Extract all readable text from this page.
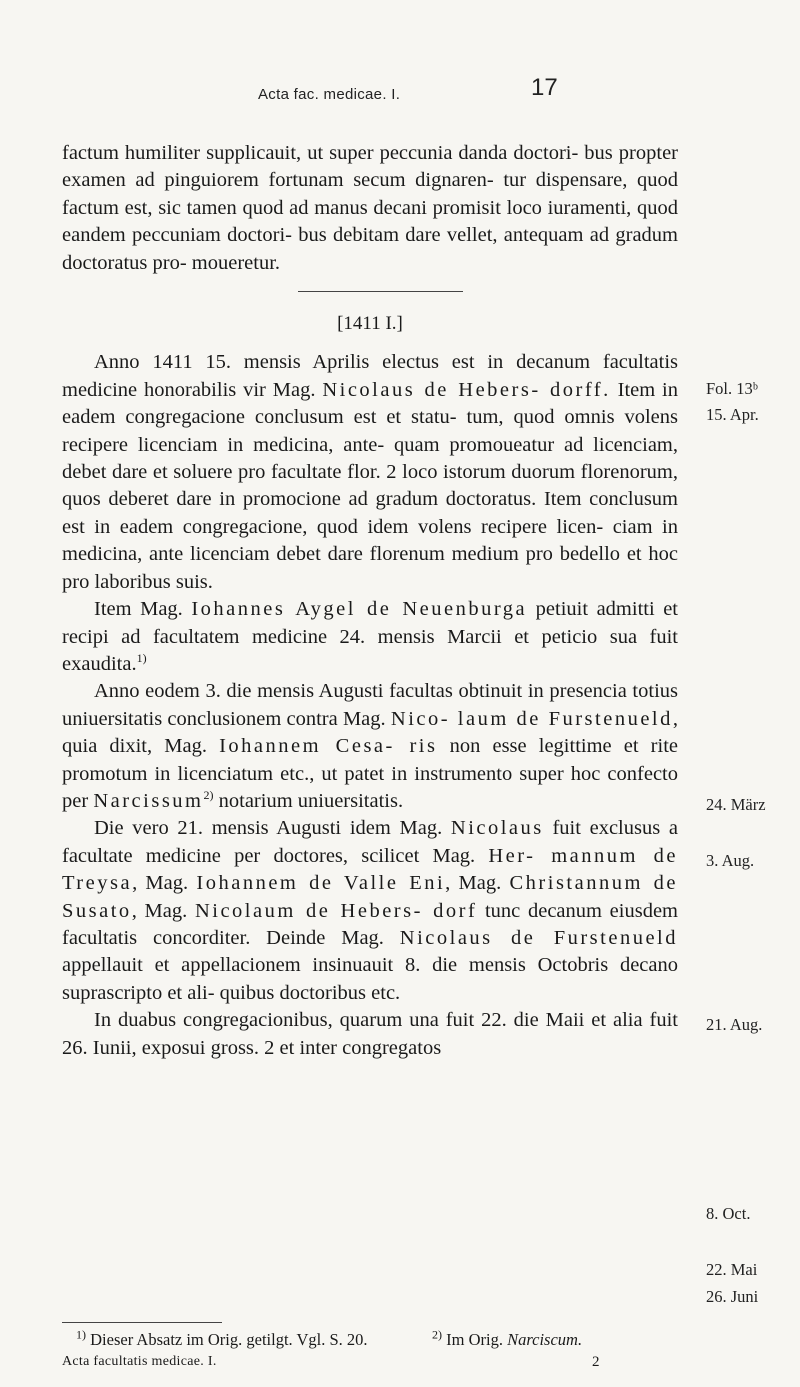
Acta fac. medicae. I.	17

factum humiliter supplicauit, ut super peccunia danda doctori- bus propter examen ad pinguiorem fortunam secum dignaren- tur dispensare, quod factum est, sic tamen quod ad manus decani promisit loco iuramenti, quod eandem peccuniam doctori- bus debitam dare vellet, antequam ad gradum doctoratus pro- moueretur.

[1411 I.]

Anno 1411 15. mensis Aprilis electus est in decanum facultatis medicine honorabilis vir Mag. Nicolaus de Hebers- dorff. Item in eadem congregacione conclusum est et statu- tum, quod omnis volens recipere licenciam in medicina, ante- quam promoueatur ad licenciam, debet dare et soluere pro facultate flor. 2 loco istorum duorum florenorum, quos deberet dare in promocione ad gradum doctoratus. Item conclusum est in eadem congregacione, quod idem volens recipere licen- ciam in medicina, ante licenciam debet dare florenum medium pro bedello et hoc pro laboribus suis.

Item Mag. Iohannes Aygel de Neuenburga petiuit admitti et recipi ad facultatem medicine 24. mensis Marcii et peticio sua fuit exaudita.$^{1)}$

Anno eodem 3. die mensis Augusti facultas obtinuit in presencia totius uniuersitatis conclusionem contra Mag. Nico- laum de Furstenueld, quia dixit, Mag. Iohannem Cesa- ris non esse legittime et rite promotum in licenciatum etc., ut patet in instrumento super hoc confecto per Narcissum$^{2)}$ notarium uniuersitatis.

Die vero 21. mensis Augusti idem Mag. Nicolaus fuit exclusus a facultate medicine per doctores, scilicet Mag. Her- mannum de Treysa, Mag. Iohannem de Valle Eni, Mag. Christannum de Susato, Mag. Nicolaum de Hebers- dorf tunc decanum eiusdem facultatis concorditer. Deinde Mag. Nicolaus de Furstenueld appellauit et appellacionem insinuauit 8. die mensis Octobris decano suprascripto et ali- quibus doctoribus etc.

In duabus congregacionibus, quarum una fuit 22. die Maii et alia fuit 26. Iunii, exposui gross. 2 et inter congregatos

Fol. 13ᵇ
15. Apr.
24. März
3. Aug.
21. Aug.
8. Oct.
22. Mai
26. Juni
$^{1)}$ Dieser Absatz im Orig. getilgt. Vgl. S. 20.	$^{2)}$ Im Orig. Narciscum.
Acta facultatis medicae. I.	2
